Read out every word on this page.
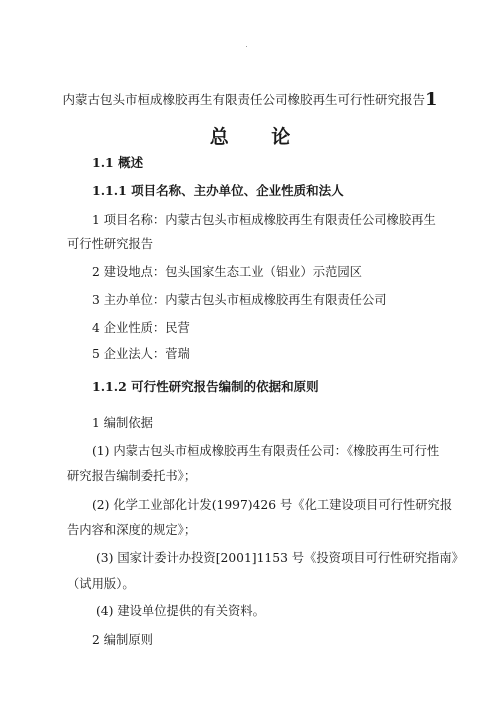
内蒙古包头市桓成橡胶再生有限责任公司橡胶再生可行性研究报告1
总 论
1.1 概述
1.1.1 项目名称、主办单位、企业性质和法人
1 项目名称：内蒙古包头市桓成橡胶再生有限责任公司橡胶再生
可行性研究报告
2 建设地点：包头国家生态工业（铝业）示范园区
3 主办单位：内蒙古包头市桓成橡胶再生有限责任公司
4 企业性质：民营
5 企业法人：菅瑞
1.1.2 可行性研究报告编制的依据和原则
1 编制依据
(1) 内蒙古包头市桓成橡胶再生有限责任公司：《橡胶再生可行性
研究报告编制委托书》；
(2) 化学工业部化计发(1997)426 号《化工建设项目可行性研究报
告内容和深度的规定》；
(3) 国家计委计办投资[2001]1153 号《投资项目可行性研究指南》
（试用版）。
(4) 建设单位提供的有关资料。
2 编制原则
